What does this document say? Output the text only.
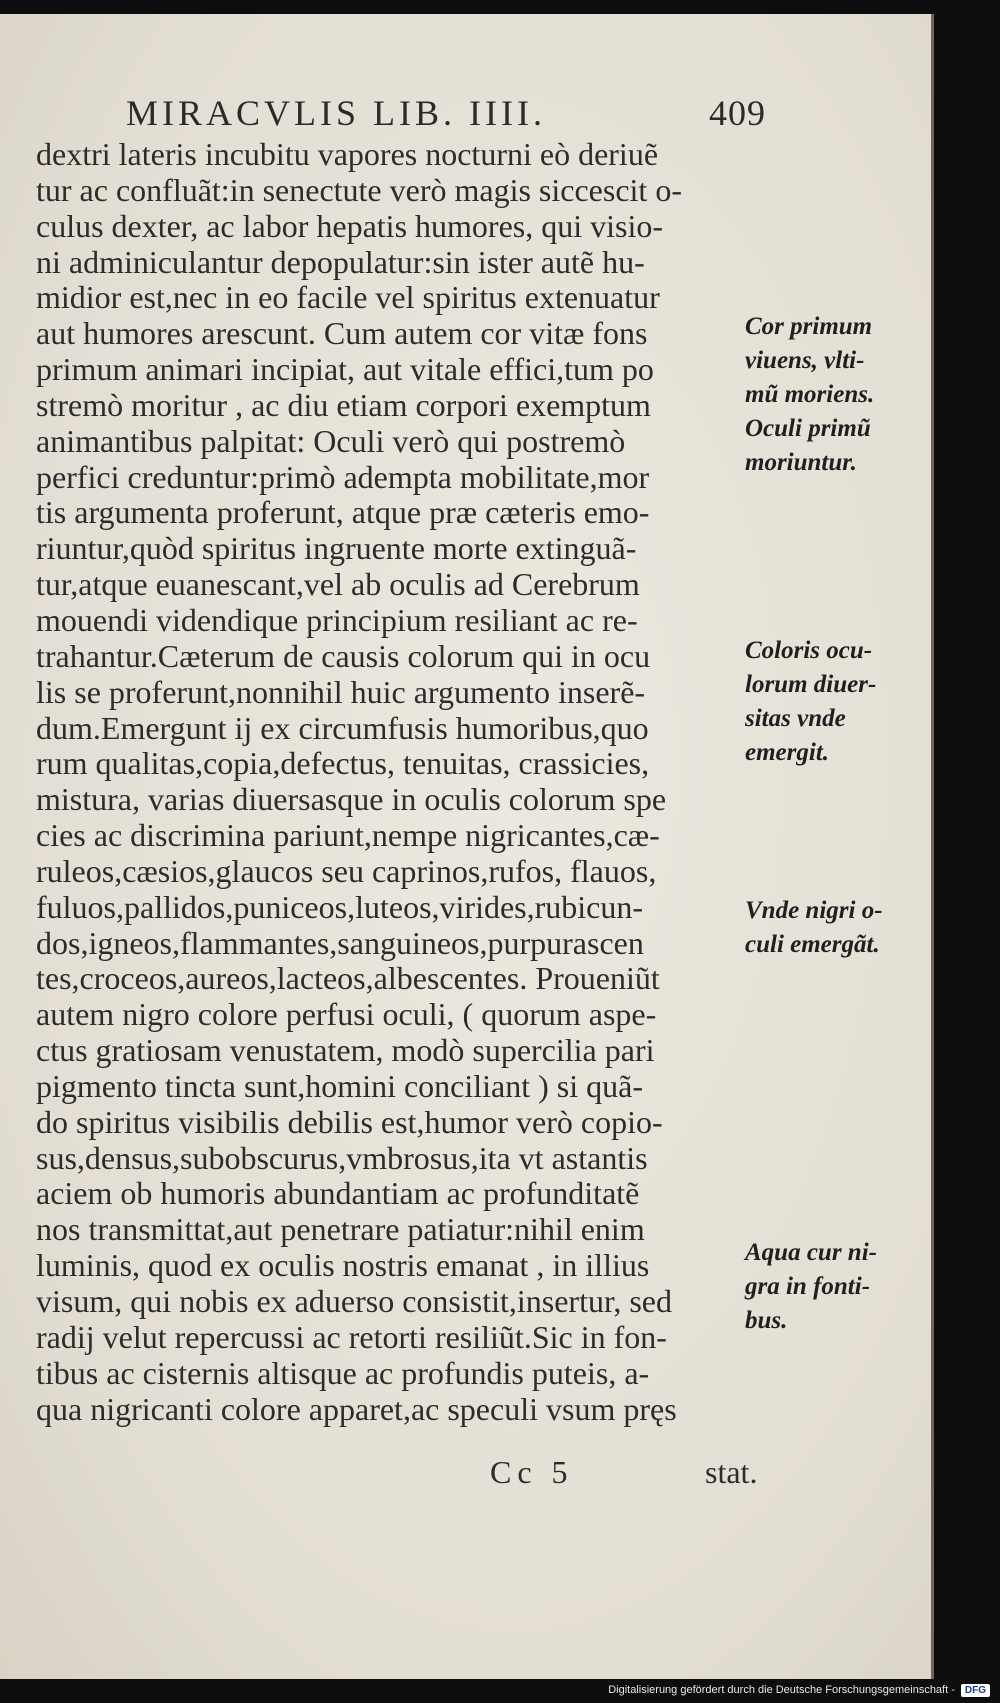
MIRACVLIS LIB. IIII.	409
dextri lateris incubitu vapores nocturni eò deriuẽ
tur ac confluãt:in senectute verò magis siccescit o-
culus dexter, ac labor hepatis humores, qui visio-
ni adminiculantur depopulatur:sin ister autẽ hu-
midior est,nec in eo facile vel spiritus extenuatur
aut humores arescunt. Cum autem cor vitæ fons
primum animari incipiat, aut vitale effici,tum po
stremò moritur , ac diu etiam corpori exemptum
animantibus palpitat: Oculi verò qui postremò
perfici creduntur:primò adempta mobilitate,mor
tis argumenta proferunt, atque præ cæteris emo-
riuntur,quòd spiritus ingruente morte extinguã-
tur,atque euanescant,vel ab oculis ad Cerebrum
mouendi videndique principium resiliant ac re-
trahantur.Cæterum de causis colorum qui in ocu
lis se proferunt,nonnihil huic argumento inserẽ-
dum.Emergunt ij ex circumfusis humoribus,quo
rum qualitas,copia,defectus, tenuitas, crassicies,
mistura, varias diuersasque in oculis colorum spe
cies ac discrimina pariunt,nempe nigricantes,cæ-
ruleos,cæsios,glaucos seu caprinos,rufos, flauos,
fuluos,pallidos,puniceos,luteos,virides,rubicun-
dos,igneos,flammantes,sanguineos,purpurascen
tes,croceos,aureos,lacteos,albescentes. Proueniũt
autem nigro colore perfusi oculi, ( quorum aspe-
ctus gratiosam venustatem, modò supercilia pari
pigmento tincta sunt,homini conciliant ) si quã-
do spiritus visibilis debilis est,humor verò copio-
sus,densus,subobscurus,vmbrosus,ita vt astantis
aciem ob humoris abundantiam ac profunditatẽ
nos transmittat,aut penetrare patiatur:nihil enim
luminis, quod ex oculis nostris emanat , in illius
visum, qui nobis ex aduerso consistit,insertur, sed
radij velut repercussi ac retorti resiliũt.Sic in fon-
tibus ac cisternis altisque ac profundis puteis, a-
qua nigricanti colore apparet,ac speculi vsum pręs
Cor primum
viuens, vlti-
mũ moriens.
Oculi primũ
moriuntur.
Coloris ocu-
lorum diuer-
sitas vnde
emergit.
Vnde nigri o-
culi emergãt.
Aqua cur ni-
gra in fonti-
bus.
Cc 5	stat.
Digitalisierung gefördert durch die Deutsche Forschungsgemeinschaft -	DFG
